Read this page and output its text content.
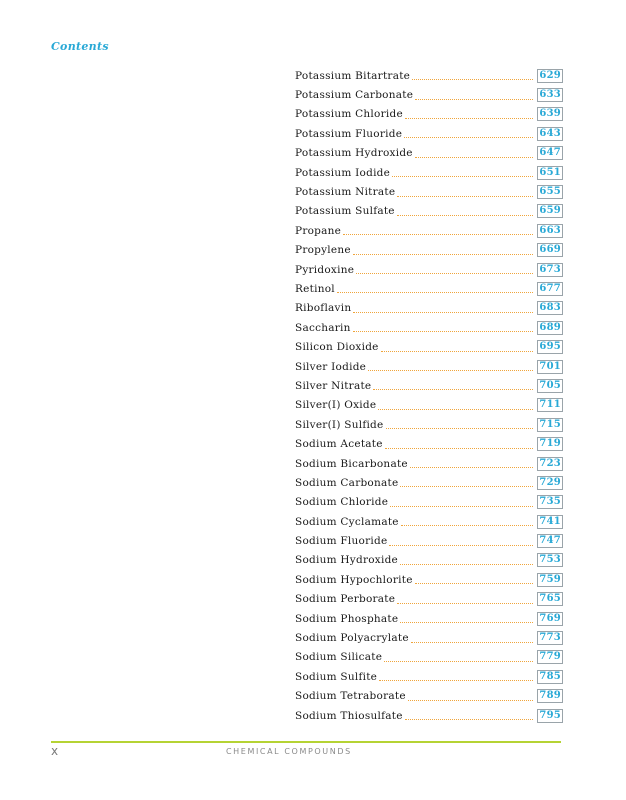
Contents
Potassium Bitartrate	629
Potassium Carbonate	633
Potassium Chloride	639
Potassium Fluoride	643
Potassium Hydroxide	647
Potassium Iodide	651
Potassium Nitrate	655
Potassium Sulfate	659
Propane	663
Propylene	669
Pyridoxine	673
Retinol	677
Riboflavin	683
Saccharin	689
Silicon Dioxide	695
Silver Iodide	701
Silver Nitrate	705
Silver(I) Oxide	711
Silver(I) Sulfide	715
Sodium Acetate	719
Sodium Bicarbonate	723
Sodium Carbonate	729
Sodium Chloride	735
Sodium Cyclamate	741
Sodium Fluoride	747
Sodium Hydroxide	753
Sodium Hypochlorite	759
Sodium Perborate	765
Sodium Phosphate	769
Sodium Polyacrylate	773
Sodium Silicate	779
Sodium Sulfite	785
Sodium Tetraborate	789
Sodium Thiosulfate	795
x	CHEMICAL COMPOUNDS
